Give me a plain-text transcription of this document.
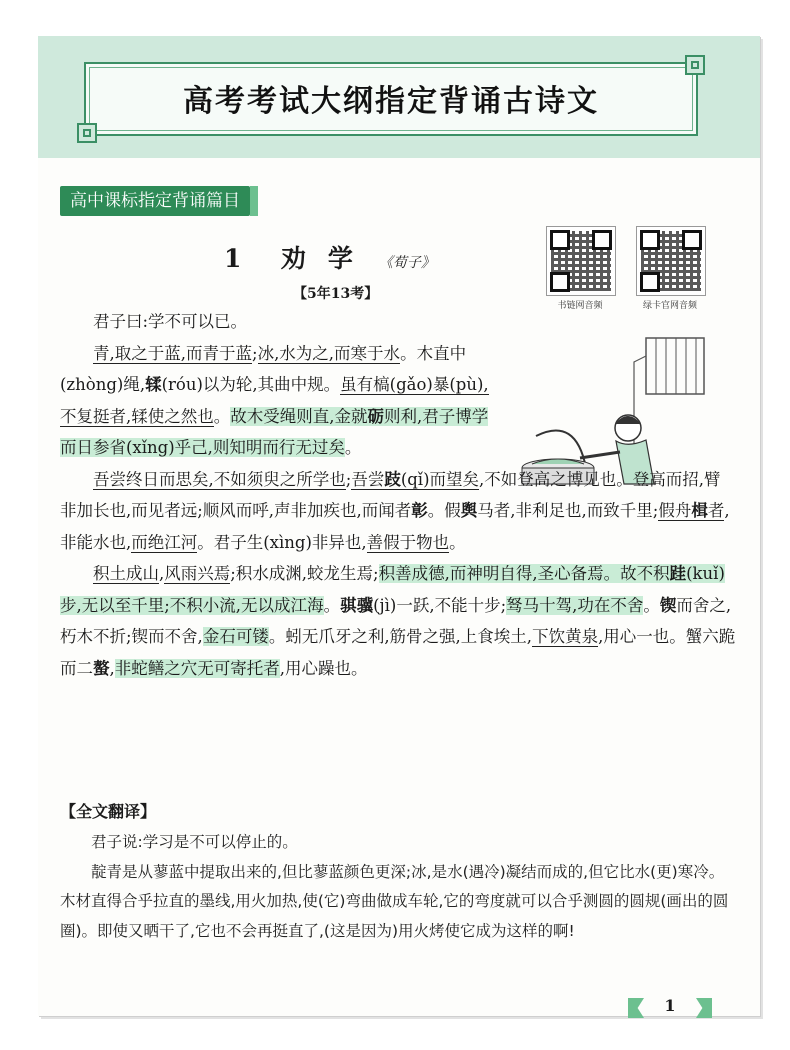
高考考试大纲指定背诵古诗文
高中课标指定背诵篇目
1 劝学 《荀子》
【5年13考】
书链网音频	绿卡官网音频

君子曰:学不可以已。

青,取之于蓝,而青于蓝;冰,水为之,而寒于水。木直中(zhòng)绳,𫐓(róu)以为轮,其曲中规。虽有槁(gǎo)暴(pù),不复挺者,𫐓使之然也。故木受绳则直,金就砺则利,君子博学而日参省(xǐng)乎己,则知明而行无过矣。

吾尝终日而思矣,不如须臾之所学也;吾尝跂(qǐ)而望矣,不如登高之博见也。登高而招,臂非加长也,而见者远;顺风而呼,声非加疾也,而闻者彰。假舆马者,非利足也,而致千里;假舟楫者,非能水也,而绝江河。君子生(xìng)非异也,善假于物也。

积土成山,风雨兴焉;积水成渊,蛟龙生焉;积善成德,而神明自得,圣心备焉。故不积跬(kuǐ)步,无以至千里;不积小流,无以成江海。骐骥(jì)一跃,不能十步;驽马十驾,功在不舍。锲而舍之,朽木不折;锲而不舍,金石可镂。蚓无爪牙之利,筋骨之强,上食埃土,下饮黄泉,用心一也。蟹六跪而二螯,非蛇鳝之穴无可寄托者,用心躁也。

【全文翻译】

君子说:学习是不可以停止的。

靛青是从蓼蓝中提取出来的,但比蓼蓝颜色更深;冰,是水(遇冷)凝结而成的,但它比水(更)寒冷。木材直得合乎拉直的墨线,用火加热,使(它)弯曲做成车轮,它的弯度就可以合乎测圆的圆规(画出的圆圈)。即使又晒干了,它也不会再挺直了,(这是因为)用火烤使它成为这样的啊!

1
